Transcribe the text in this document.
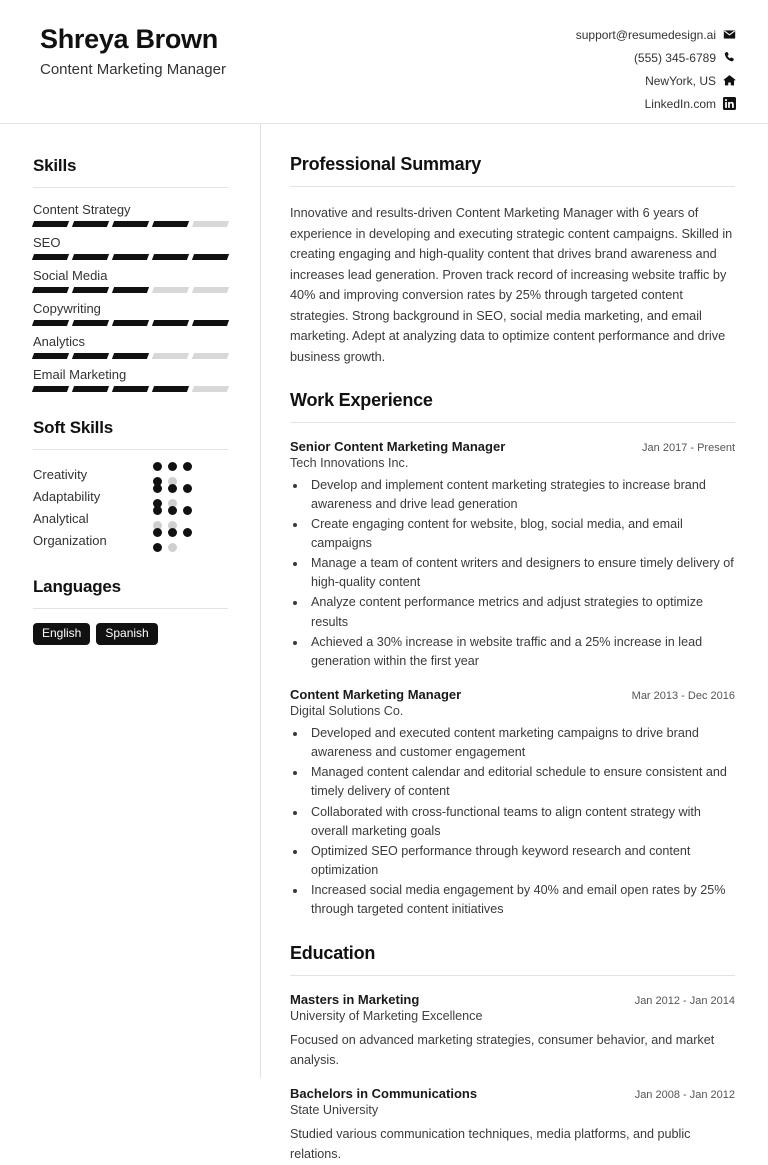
Shreya Brown
Content Marketing Manager
support@resumedesign.ai
(555) 345-6789
NewYork, US
LinkedIn.com
Skills
Content Strategy
SEO
Social Media
Copywriting
Analytics
Email Marketing
Soft Skills
Creativity
Adaptability
Analytical
Organization
Languages
English	Spanish
Professional Summary

Innovative and results-driven Content Marketing Manager with 6 years of experience in developing and executing strategic content campaigns. Skilled in creating engaging and high-quality content that drives brand awareness and increases lead generation. Proven track record of increasing website traffic by 40% and improving conversion rates by 25% through targeted content strategies. Strong background in SEO, social media marketing, and email marketing. Adept at analyzing data to optimize content performance and drive business growth.

Work Experience
Senior Content Marketing Manager	Jan 2017 - Present
Tech Innovations Inc.
• Develop and implement content marketing strategies to increase brand awareness and drive lead generation
• Create engaging content for website, blog, social media, and email campaigns
• Manage a team of content writers and designers to ensure timely delivery of high-quality content
• Analyze content performance metrics and adjust strategies to optimize results
• Achieved a 30% increase in website traffic and a 25% increase in lead generation within the first year
Content Marketing Manager	Mar 2013 - Dec 2016
Digital Solutions Co.
• Developed and executed content marketing campaigns to drive brand awareness and customer engagement
• Managed content calendar and editorial schedule to ensure consistent and timely delivery of content
• Collaborated with cross-functional teams to align content strategy with overall marketing goals
• Optimized SEO performance through keyword research and content optimization
• Increased social media engagement by 40% and email open rates by 25% through targeted content initiatives
Education
Masters in Marketing	Jan 2012 - Jan 2014
University of Marketing Excellence
Focused on advanced marketing strategies, consumer behavior, and market analysis.
Bachelors in Communications	Jan 2008 - Jan 2012
State University
Studied various communication techniques, media platforms, and public relations.
